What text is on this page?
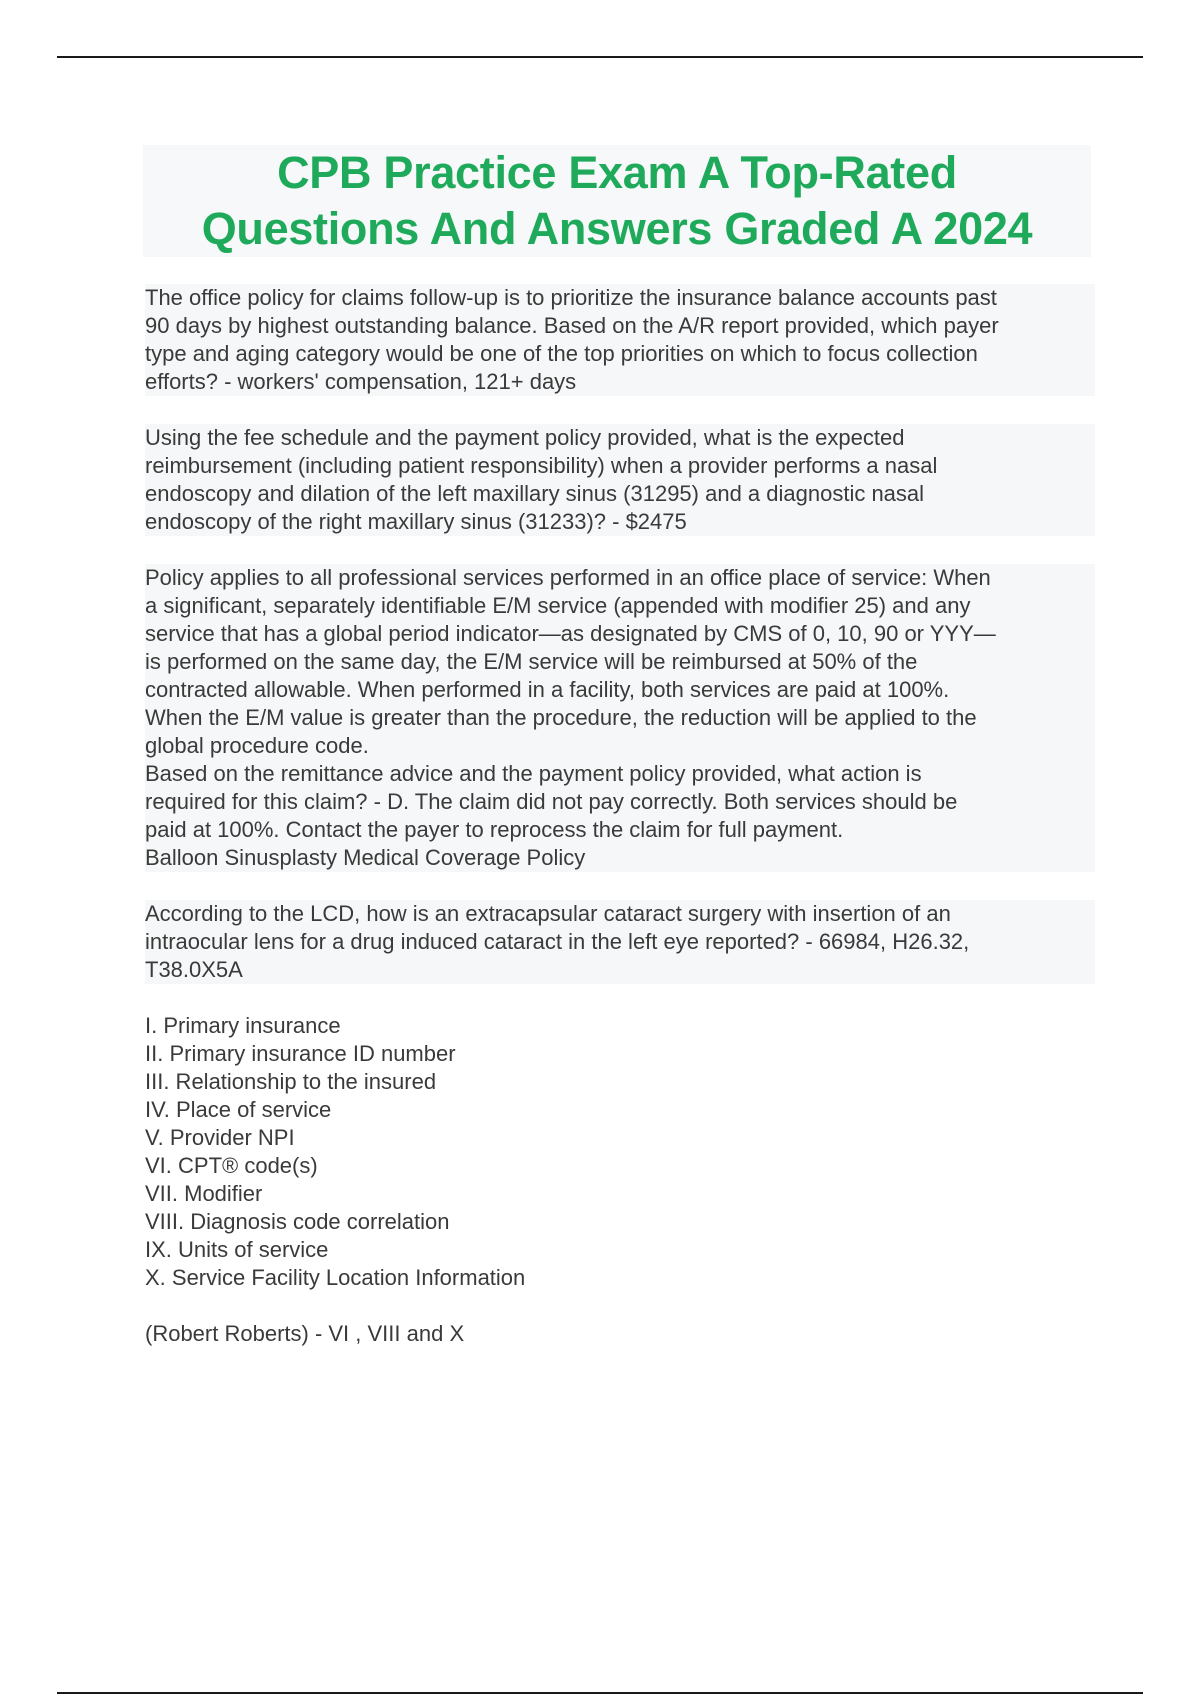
CPB Practice Exam A Top-Rated
Questions And Answers Graded A 2024
The office policy for claims follow-up is to prioritize the insurance balance accounts past
90 days by highest outstanding balance. Based on the A/R report provided, which payer
type and aging category would be one of the top priorities on which to focus collection
efforts? - workers' compensation, 121+ days
Using the fee schedule and the payment policy provided, what is the expected
reimbursement (including patient responsibility) when a provider performs a nasal
endoscopy and dilation of the left maxillary sinus (31295) and a diagnostic nasal
endoscopy of the right maxillary sinus (31233)? - $2475
Policy applies to all professional services performed in an office place of service: When
a significant, separately identifiable E/M service (appended with modifier 25) and any
service that has a global period indicator—as designated by CMS of 0, 10, 90 or YYY—
is performed on the same day, the E/M service will be reimbursed at 50% of the
contracted allowable. When performed in a facility, both services are paid at 100%.
When the E/M value is greater than the procedure, the reduction will be applied to the
global procedure code.
Based on the remittance advice and the payment policy provided, what action is
required for this claim? - D. The claim did not pay correctly. Both services should be
paid at 100%. Contact the payer to reprocess the claim for full payment.
Balloon Sinusplasty Medical Coverage Policy
According to the LCD, how is an extracapsular cataract surgery with insertion of an
intraocular lens for a drug induced cataract in the left eye reported? - 66984, H26.32,
T38.0X5A
I. Primary insurance
II. Primary insurance ID number
III. Relationship to the insured
IV. Place of service
V. Provider NPI
VI. CPT® code(s)
VII. Modifier
VIII. Diagnosis code correlation
IX. Units of service
X. Service Facility Location Information
(Robert Roberts) - VI , VIII and X
